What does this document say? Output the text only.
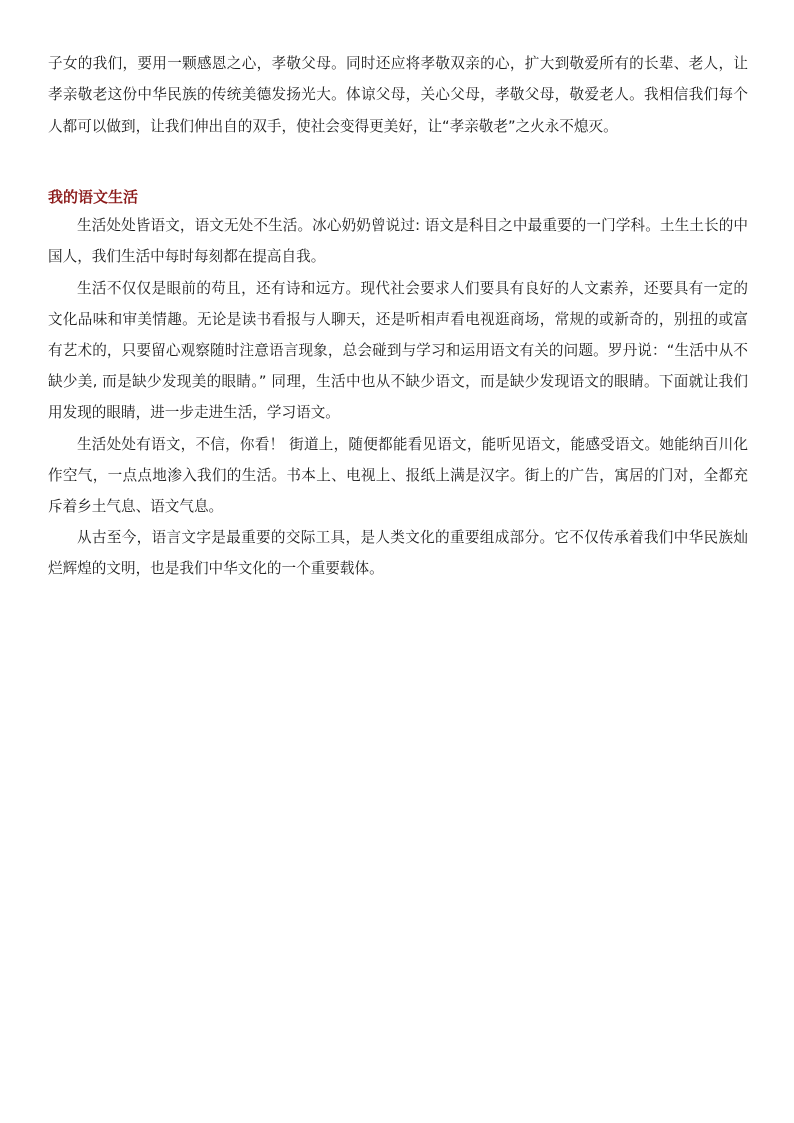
子女的我们，要用一颗感恩之心，孝敬父母。同时还应将孝敬双亲的心，扩大到敬爱所有的长辈、老人，让孝亲敬老这份中华民族的传统美德发扬光大。体谅父母，关心父母，孝敬父母，敬爱老人。我相信我们每个人都可以做到，让我们伸出自的双手，使社会变得更美好，让“孝亲敬老”之火永不熄灭。

我的语文生活

生活处处皆语文，语文无处不生活。冰心奶奶曾说过: 语文是科目之中最重要的一门学科。土生土长的中国人，我们生活中每时每刻都在提高自我。

生活不仅仅是眼前的苟且，还有诗和远方。现代社会要求人们要具有良好的人文素养，还要具有一定的文化品味和审美情趣。无论是读书看报与人聊天，还是听相声看电视逛商场，常规的或新奇的，别扭的或富有艺术的，只要留心观察随时注意语言现象，总会碰到与学习和运用语文有关的问题。罗丹说：“生活中从不缺少美, 而是缺少发现美的眼睛。” 同理，生活中也从不缺少语文，而是缺少发现语文的眼睛。下面就让我们用发现的眼睛，进一步走进生活，学习语文。

生活处处有语文，不信，你看！ 街道上，随便都能看见语文，能听见语文，能感受语文。她能纳百川化作空气，一点点地渗入我们的生活。书本上、电视上、报纸上满是汉字。街上的广告，寓居的门对，全都充斥着乡土气息、语文气息。

从古至今，语言文字是最重要的交际工具，是人类文化的重要组成部分。它不仅传承着我们中华民族灿烂辉煌的文明，也是我们中华文化的一个重要载体。
